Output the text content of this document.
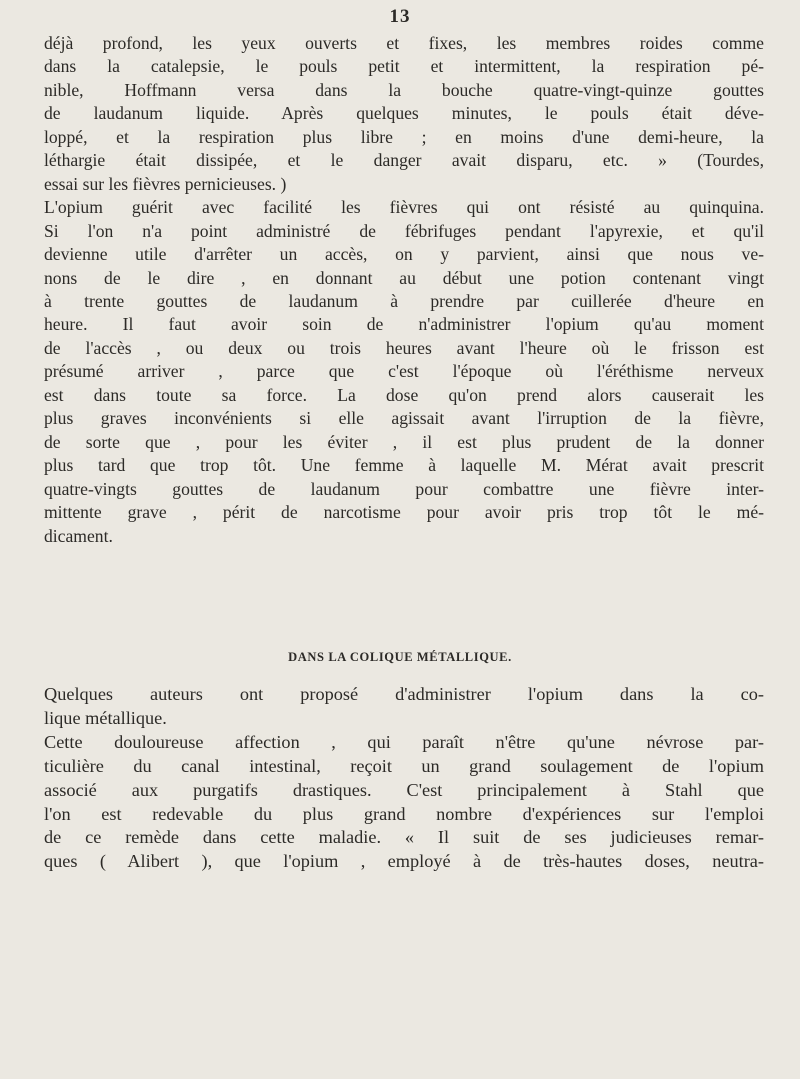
13
déjà profond, les yeux ouverts et fixes, les membres roides comme
dans la catalepsie, le pouls petit et intermittent, la respiration pé-
nible, Hoffmann versa dans la bouche quatre-vingt-quinze gouttes
de laudanum liquide. Après quelques minutes, le pouls était déve-
loppé, et la respiration plus libre ; en moins d'une demi-heure, la
léthargie était dissipée, et le danger avait disparu, etc. » (Tourdes,
essai sur les fièvres pernicieuses. )
L'opium guérit avec facilité les fièvres qui ont résisté au quinquina.
Si l'on n'a point administré de fébrifuges pendant l'apyrexie, et qu'il
devienne utile d'arrêter un accès, on y parvient, ainsi que nous ve-
nons de le dire , en donnant au début une potion contenant vingt
à trente gouttes de laudanum à prendre par cuillerée d'heure en
heure. Il faut avoir soin de n'administrer l'opium qu'au moment
de l'accès , ou deux ou trois heures avant l'heure où le frisson est
présumé arriver , parce que c'est l'époque où l'éréthisme nerveux
est dans toute sa force. La dose qu'on prend alors causerait les
plus graves inconvénients si elle agissait avant l'irruption de la fièvre,
de sorte que , pour les éviter , il est plus prudent de la donner
plus tard que trop tôt. Une femme à laquelle M. Mérat avait prescrit
quatre-vingts gouttes de laudanum pour combattre une fièvre inter-
mittente grave , périt de narcotisme pour avoir pris trop tôt le mé-
dicament.
DANS LA COLIQUE MÉTALLIQUE.
Quelques auteurs ont proposé d'administrer l'opium dans la co-
lique métallique.
Cette douloureuse affection , qui paraît n'être qu'une névrose par-
ticulière du canal intestinal, reçoit un grand soulagement de l'opium
associé aux purgatifs drastiques. C'est principalement à Stahl que
l'on est redevable du plus grand nombre d'expériences sur l'emploi
de ce remède dans cette maladie. « Il suit de ses judicieuses remar-
ques ( Alibert ), que l'opium , employé à de très-hautes doses, neutra-
